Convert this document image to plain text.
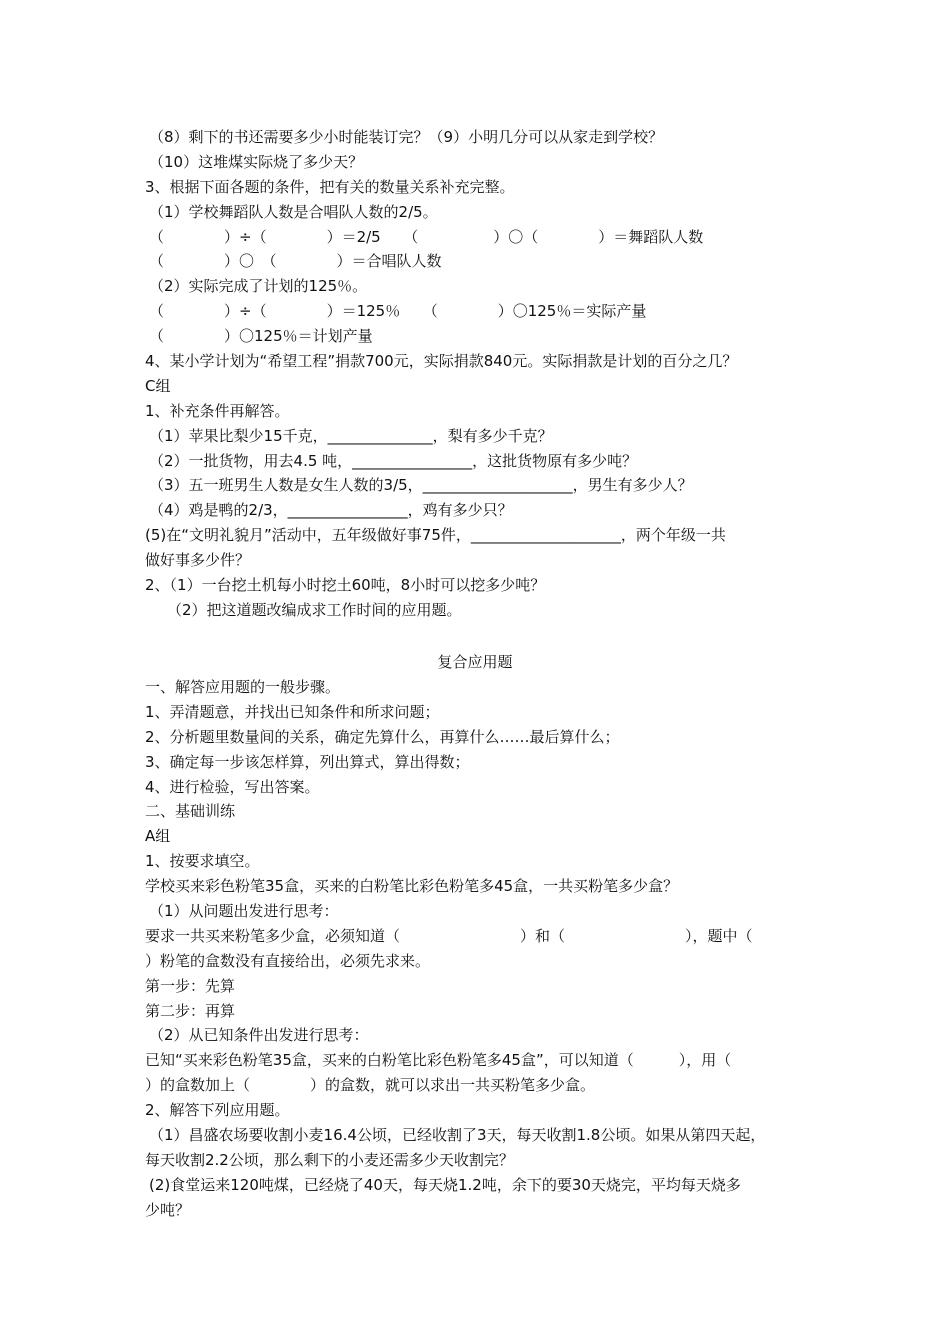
（8）剩下的书还需要多少小时能装订完？（9）小明几分可以从家走到学校？
（10）这堆煤实际烧了多少天？
3、根据下面各题的条件，把有关的数量关系补充完整。
（1）学校舞蹈队人数是合唱队人数的2/5。
（　　　　）÷（　　　　）＝2/5　　（　　　　　）〇（　　　　）＝舞蹈队人数
（　　　　）〇　（　　　　）＝合唱队人数
（2）实际完成了计划的125％。
（　　　　）÷（　　　　）＝125％　　（　　　　）〇125％＝实际产量
（　　　　）〇125％＝计划产量
4、某小学计划为“希望工程”捐款700元，实际捐款840元。实际捐款是计划的百分之几？
C组
1、补充条件再解答。
（1）苹果比梨少15千克，______________，梨有多少千克？
（2）一批货物，用去4.5 吨，________________，这批货物原有多少吨？
（3）五一班男生人数是女生人数的3/5，____________________，男生有多少人？
（4）鸡是鸭的2/3，________________，鸡有多少只？
(5)在“文明礼貌月”活动中，五年级做好事75件，____________________，两个年级一共
做好事多少件？
2、（1）一台挖土机每小时挖土60吨，8小时可以挖多少吨？
（2）把这道题改编成求工作时间的应用题。
复合应用题
一、解答应用题的一般步骤。
1、弄清题意，并找出已知条件和所求问题；
2、分析题里数量间的关系，确定先算什么，再算什么……最后算什么；
3、确定每一步该怎样算，列出算式，算出得数；
4、进行检验，写出答案。
二、基础训练
A组
1、按要求填空。
学校买来彩色粉笔35盒，买来的白粉笔比彩色粉笔多45盒，一共买粉笔多少盒？
（1）从问题出发进行思考：
要求一共买来粉笔多少盒，必须知道（　　　　　　　　）和（　　　　　　　　），题中（
）粉笔的盒数没有直接给出，必须先求来。
第一步：先算
第二步：再算
（2）从已知条件出发进行思考：
已知“买来彩色粉笔35盒，买来的白粉笔比彩色粉笔多45盒”，可以知道（　　　），用（
）的盒数加上（　　　　）的盒数，就可以求出一共买粉笔多少盒。
2、解答下列应用题。
（1）昌盛农场要收割小麦16.4公顷，已经收割了3天，每天收割1.8公顷。如果从第四天起，
每天收割2.2公顷，那么剩下的小麦还需多少天收割完？
(2)食堂运来120吨煤，已经烧了40天，每天烧1.2吨，余下的要30天烧完，平均每天烧多
少吨？
